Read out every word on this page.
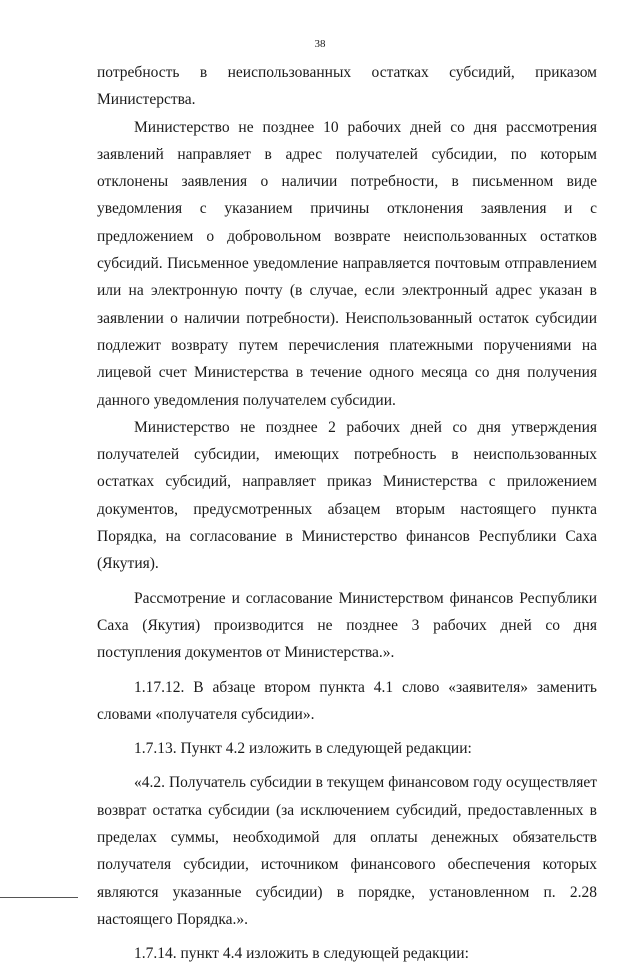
38

потребность в неиспользованных остатках субсидий, приказом Министерства.

Министерство не позднее 10 рабочих дней со дня рассмотрения заявлений направляет в адрес получателей субсидии, по которым отклонены заявления о наличии потребности, в письменном виде уведомления с указанием причины отклонения заявления и с предложением о добровольном возврате неиспользованных остатков субсидий. Письменное уведомление направляется почтовым отправлением или на электронную почту (в случае, если электронный адрес указан в заявлении о наличии потребности). Неиспользованный остаток субсидии подлежит возврату путем перечисления платежными поручениями на лицевой счет Министерства в течение одного месяца со дня получения данного уведомления получателем субсидии.

Министерство не позднее 2 рабочих дней со дня утверждения получателей субсидии, имеющих потребность в неиспользованных остатках субсидий, направляет приказ Министерства с приложением документов, предусмотренных абзацем вторым настоящего пункта Порядка, на согласование в Министерство финансов Республики Саха (Якутия).

Рассмотрение и согласование Министерством финансов Республики Саха (Якутия) производится не позднее 3 рабочих дней со дня поступления документов от Министерства.».

1.17.12. В абзаце втором пункта 4.1 слово «заявителя» заменить словами «получателя субсидии».

1.7.13. Пункт 4.2 изложить в следующей редакции:

«4.2. Получатель субсидии в текущем финансовом году осуществляет возврат остатка субсидии (за исключением субсидий, предоставленных в пределах суммы, необходимой для оплаты денежных обязательств получателя субсидии, источником финансового обеспечения которых являются указанные субсидии) в порядке, установленном п. 2.28 настоящего Порядка.».

1.7.14. пункт 4.4 изложить в следующей редакции:
